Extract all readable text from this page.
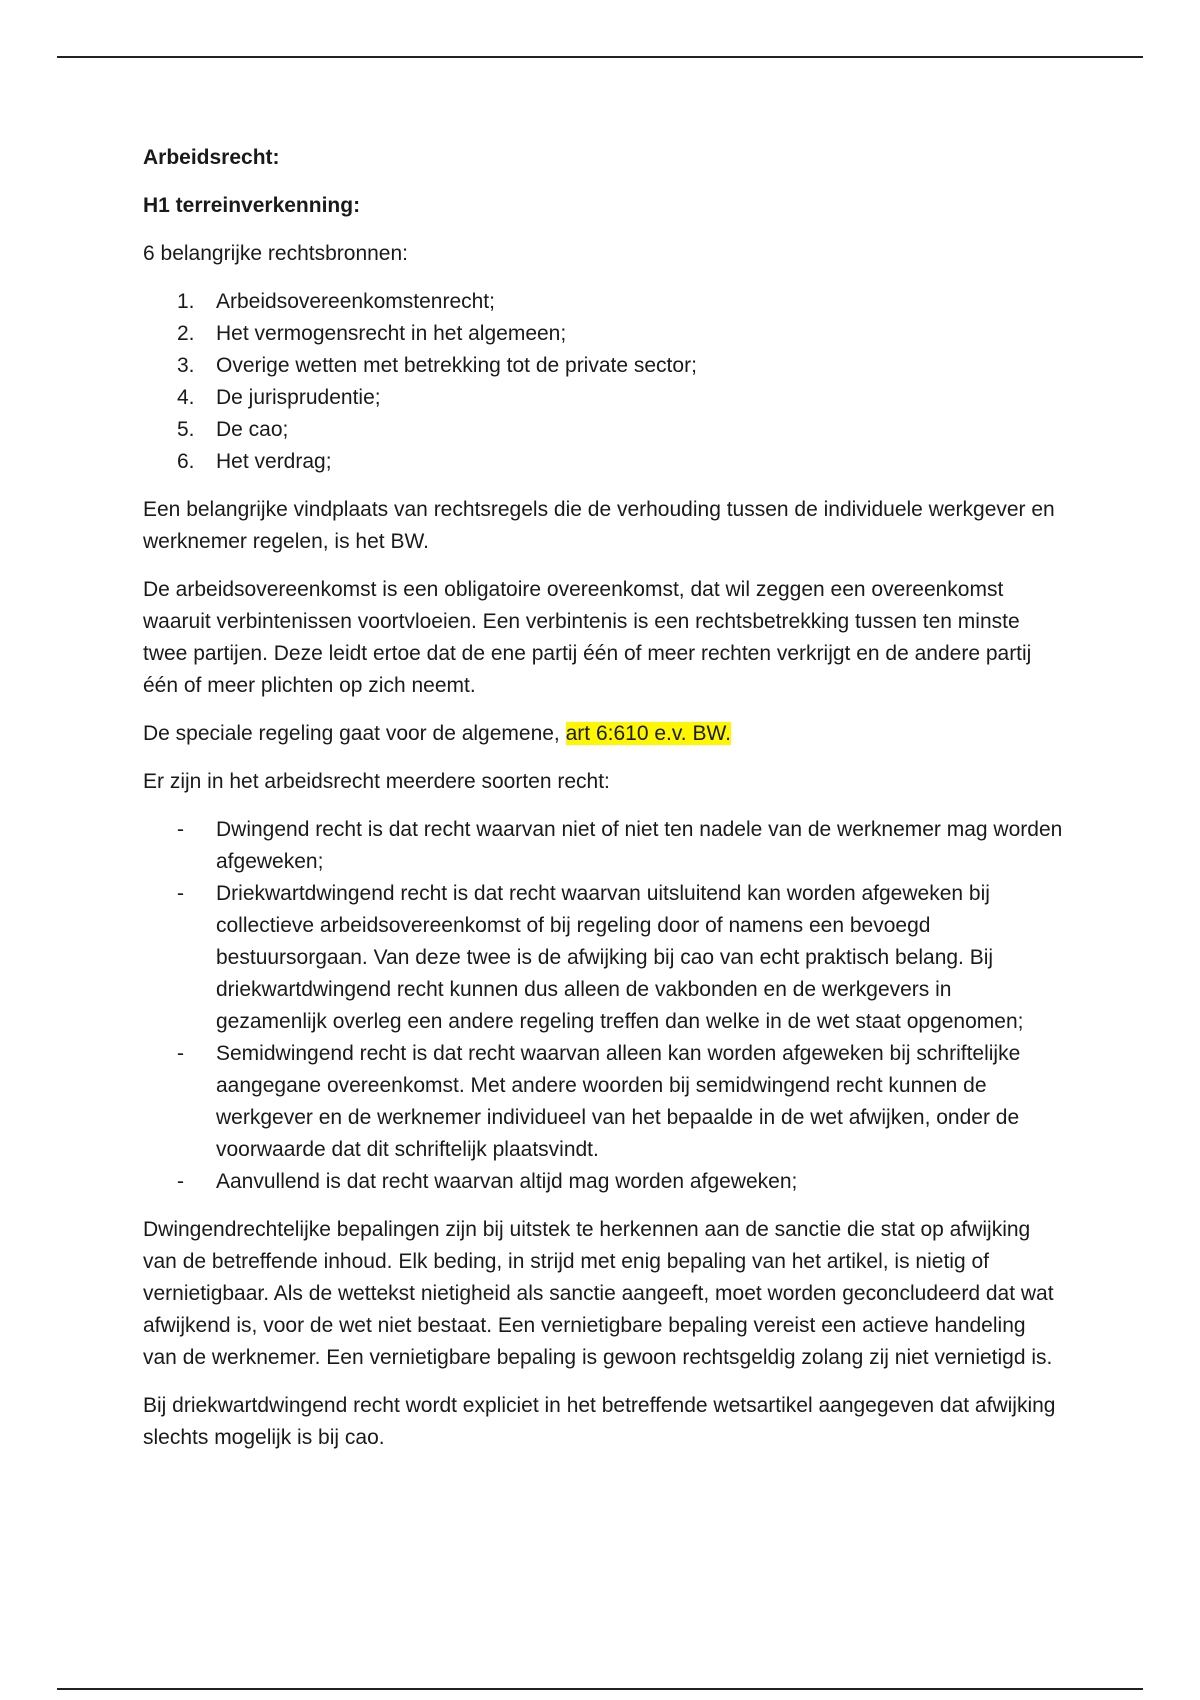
Arbeidsrecht:

H1 terreinverkenning:

6 belangrijke rechtsbronnen:

1.	Arbeidsovereenkomstenrecht;
2.	Het vermogensrecht in het algemeen;
3.	Overige wetten met betrekking tot de private sector;
4.	De jurisprudentie;
5.	De cao;
6.	Het verdrag;

Een belangrijke vindplaats van rechtsregels die de verhouding tussen de individuele werkgever en werknemer regelen, is het BW.

De arbeidsovereenkomst is een obligatoire overeenkomst, dat wil zeggen een overeenkomst waaruit verbintenissen voortvloeien. Een verbintenis is een rechtsbetrekking tussen ten minste twee partijen. Deze leidt ertoe dat de ene partij één of meer rechten verkrijgt en de andere partij één of meer plichten op zich neemt.

De speciale regeling gaat voor de algemene, art 6:610 e.v. BW.

Er zijn in het arbeidsrecht meerdere soorten recht:

-	Dwingend recht is dat recht waarvan niet of niet ten nadele van de werknemer mag worden afgeweken;
-	Driekwartdwingend recht is dat recht waarvan uitsluitend kan worden afgeweken bij collectieve arbeidsovereenkomst of bij regeling door of namens een bevoegd bestuursorgaan. Van deze twee is de afwijking bij cao van echt praktisch belang. Bij driekwartdwingend recht kunnen dus alleen de vakbonden en de werkgevers in gezamenlijk overleg een andere regeling treffen dan welke in de wet staat opgenomen;
-	Semidwingend recht is dat recht waarvan alleen kan worden afgeweken bij schriftelijke aangegane overeenkomst. Met andere woorden bij semidwingend recht kunnen de werkgever en de werknemer individueel van het bepaalde in de wet afwijken, onder de voorwaarde dat dit schriftelijk plaatsvindt.
-	Aanvullend is dat recht waarvan altijd mag worden afgeweken;

Dwingendrechtelijke bepalingen zijn bij uitstek te herkennen aan de sanctie die stat op afwijking van de betreffende inhoud. Elk beding, in strijd met enig bepaling van het artikel, is nietig of vernietigbaar. Als de wettekst nietigheid als sanctie aangeeft, moet worden geconcludeerd dat wat afwijkend is, voor de wet niet bestaat. Een vernietigbare bepaling vereist een actieve handeling van de werknemer. Een vernietigbare bepaling is gewoon rechtsgeldig zolang zij niet vernietigd is.

Bij driekwartdwingend recht wordt expliciet in het betreffende wetsartikel aangegeven dat afwijking slechts mogelijk is bij cao.
